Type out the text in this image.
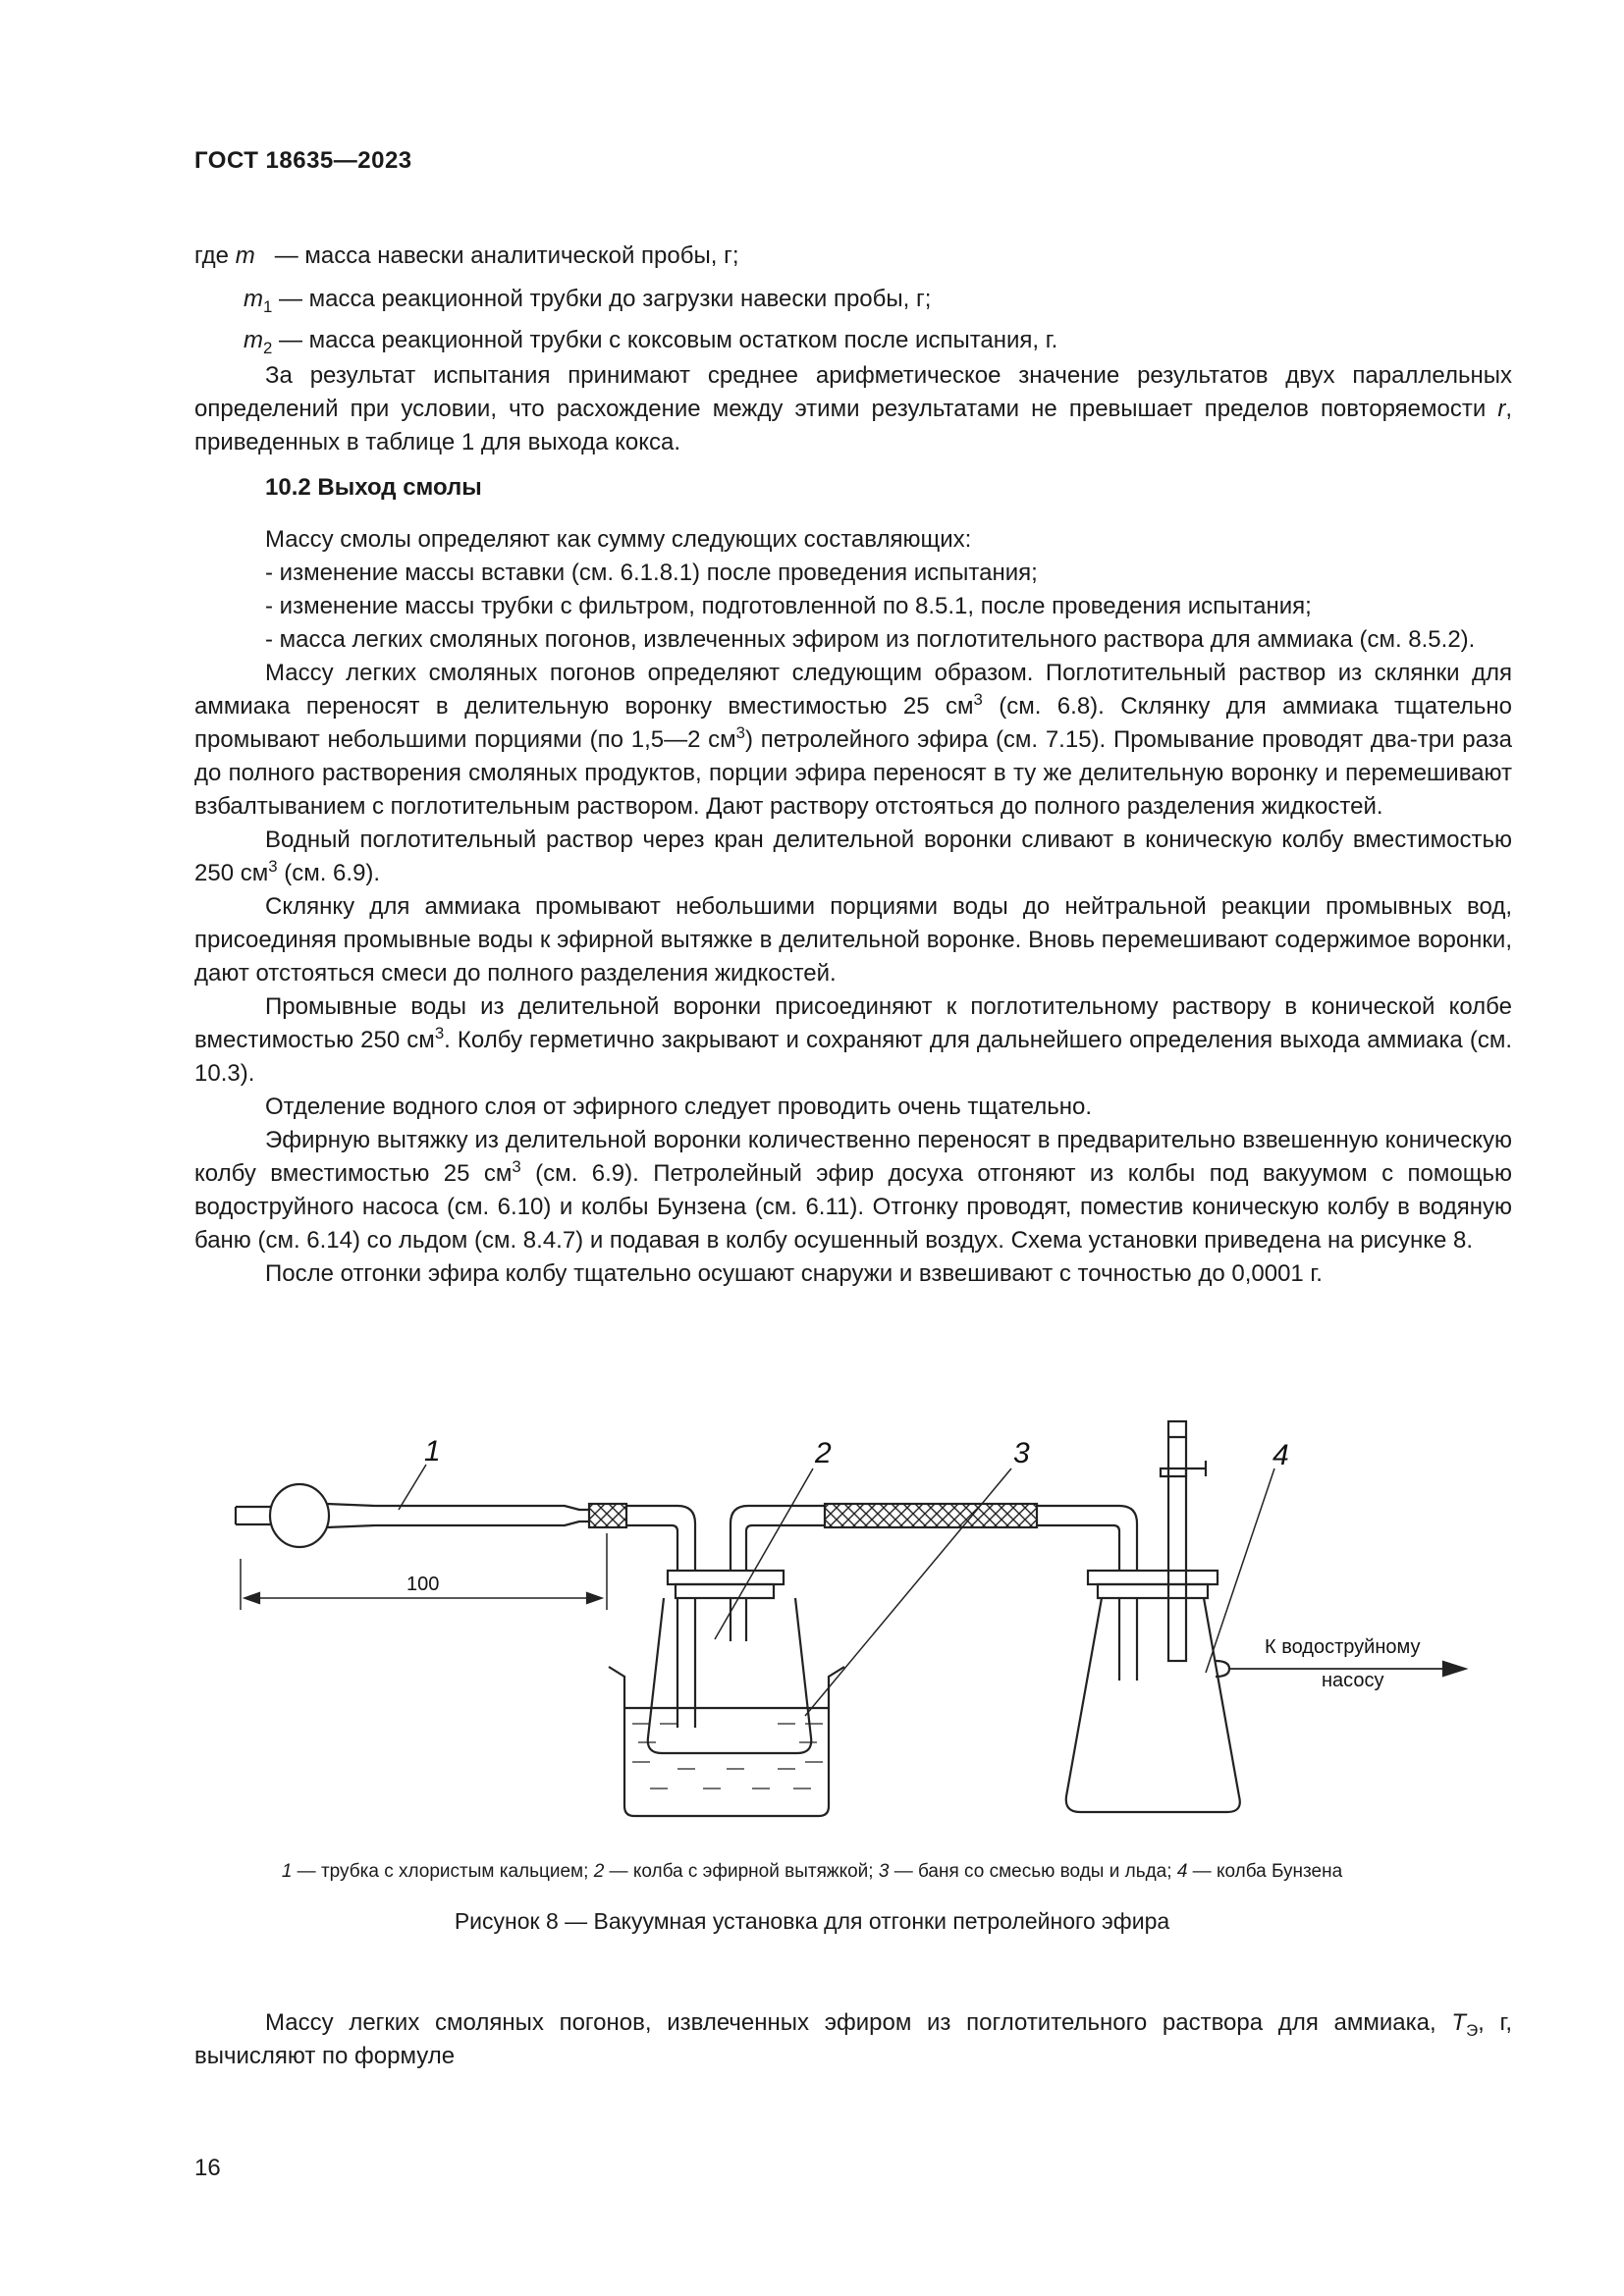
ГОСТ 18635—2023
где m   — масса навески аналитической пробы, г;
$m_1$ — масса реакционной трубки до загрузки навески пробы, г;
$m_2$ — масса реакционной трубки с коксовым остатком после испытания, г.

За результат испытания принимают среднее арифметическое значение результатов двух параллельных определений при условии, что расхождение между этими результатами не превышает пределов повторяемости r, приведенных в таблице 1 для выхода кокса.

10.2 Выход смолы

Массу смолы определяют как сумму следующих составляющих:

- изменение массы вставки (см. 6.1.8.1) после проведения испытания;

- изменение массы трубки с фильтром, подготовленной по 8.5.1, после проведения испытания;

- масса легких смоляных погонов, извлеченных эфиром из поглотительного раствора для аммиака (см. 8.5.2).

Массу легких смоляных погонов определяют следующим образом. Поглотительный раствор из склянки для аммиака переносят в делительную воронку вместимостью 25 $см^3$ (см. 6.8). Склянку для аммиака тщательно промывают небольшими порциями (по 1,5—2 $см^3$) петролейного эфира (см. 7.15). Промывание проводят два-три раза до полного растворения смоляных продуктов, порции эфира переносят в ту же делительную воронку и перемешивают взбалтыванием с поглотительным раствором. Дают раствору отстояться до полного разделения жидкостей.

Водный поглотительный раствор через кран делительной воронки сливают в коническую колбу вместимостью 250 $см^3$ (см. 6.9).

Склянку для аммиака промывают небольшими порциями воды до нейтральной реакции промывных вод, присоединяя промывные воды к эфирной вытяжке в делительной воронке. Вновь перемешивают содержимое воронки, дают отстояться смеси до полного разделения жидкостей.

Промывные воды из делительной воронки присоединяют к поглотительному раствору в конической колбе вместимостью 250 $см^3$. Колбу герметично закрывают и сохраняют для дальнейшего определения выхода аммиака (см. 10.3).

Отделение водного слоя от эфирного следует проводить очень тщательно.

Эфирную вытяжку из делительной воронки количественно переносят в предварительно взвешенную коническую колбу вместимостью 25 $см^3$ (см. 6.9). Петролейный эфир досуха отгоняют из колбы под вакуумом с помощью водоструйного насоса (см. 6.10) и колбы Бунзена (см. 6.11). Отгонку проводят, поместив коническую колбу в водяную баню (см. 6.14) со льдом (см. 8.4.7) и подавая в колбу осушенный воздух. Схема установки приведена на рисунке 8.

После отгонки эфира колбу тщательно осушают снаружи и взвешивают с точностью до 0,0001 г.

1	2	3	4
100
К водоструйному
насосу
1 — трубка с хлористым кальцием; 2 — колба с эфирной вытяжкой; 3 — баня со смесью воды и льда; 4 — колба Бунзена
Рисунок 8 — Вакуумная установка для отгонки петролейного эфира

Массу легких смоляных погонов, извлеченных эфиром из поглотительного раствора для аммиака, $Т_Э$, г, вычисляют по формуле

16
